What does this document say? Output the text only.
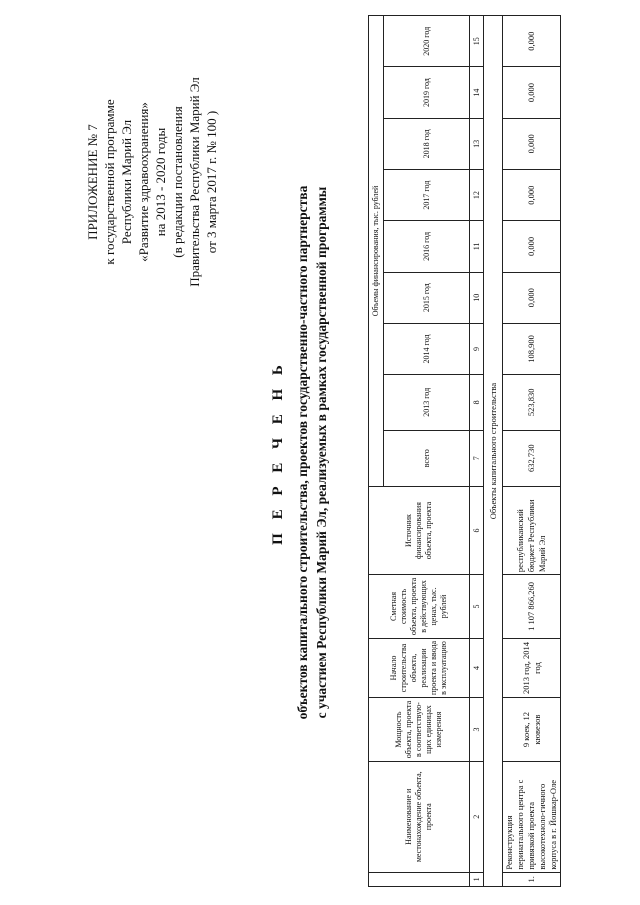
ПРИЛОЖЕНИЕ № 7 к государственной программе Республики Марий Эл «Развитие здравоохранения» на 2013 - 2020 годы (в редакции постановления Правительства Республики Марий Эл от 3 марта 2017 г. № 100 )
П Е Р Е Ч Е Н Ь объектов капитального строительства, проектов государственно-частного партнерства с участием Республики Марий Эл, реализуемых в рамках государственной программы
	Наименование и местонахождение объекта, проекта	Мощность объекта, проекта в соответствую-щих единицах измерения	Начало строительства объекта, реализации проекта и ввода в эксплуатацию	Сметная стоимость объекта, проекта в действующих ценах, тыс. рублей	Источник финансирования объекта, проекта	Объемы финансирования, тыс. рублей								
						всего	2013 год	2014 год	2015 год	2016 год	2017 год	2018 год	2019 год	2020 год
1	2	3	4	5	6	7	8	9	10	11	12	13	14	15
Объекты капитального строительства														
1.	Реконструкция перинатального центра с привязкой проекта высокотехноло-гичного корпуса в г. Йошкар-Оле	9 коек, 12 кювезов	2013 год, 2014 год	1 107 866,260	республиканский бюджет Республики Марий Эл	632,730	523,830	108,900	0,000	0,000	0,000	0,000	0,000	0,000
